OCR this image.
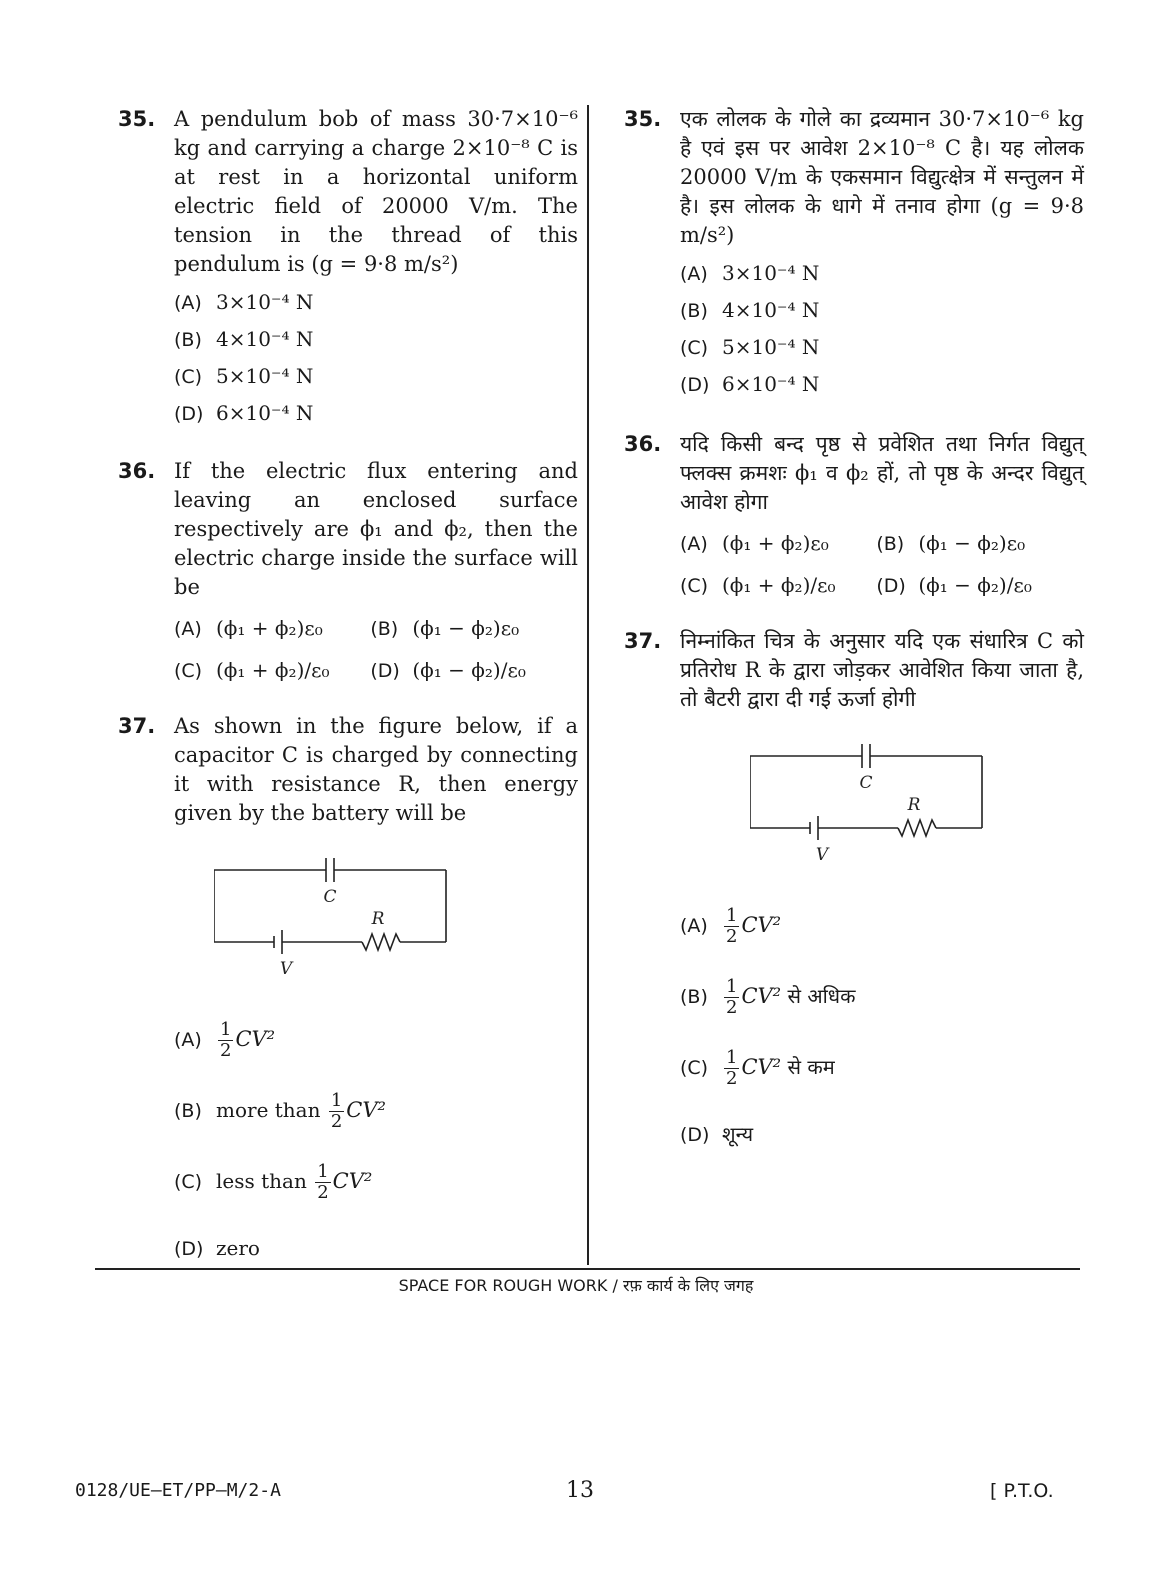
35. A pendulum bob of mass 30·7×10⁻⁶ kg and carrying a charge 2×10⁻⁸ C is at rest in a horizontal uniform electric field of 20000 V/m. The tension in the thread of this pendulum is (g = 9·8 m/s²)
(A) 3×10⁻⁴ N
(B) 4×10⁻⁴ N
(C) 5×10⁻⁴ N
(D) 6×10⁻⁴ N
36. If the electric flux entering and leaving an enclosed surface respectively are ϕ₁ and ϕ₂, then the electric charge inside the surface will be
(A) (ϕ₁ + ϕ₂)ε₀	(B) (ϕ₁ − ϕ₂)ε₀
(C) (ϕ₁ + ϕ₂)/ε₀ (D) (ϕ₁ − ϕ₂)/ε₀
37. As shown in the figure below, if a capacitor C is charged by connecting it with resistance R, then energy given by the battery will be
C
R
V
$(A) \frac{1}{2} CV^2$
(B) more than $\frac{1}{2} CV^2$
(C) less than $\frac{1}{2} CV^2$
(D) zero
35. एक लोलक के गोले का द्रव्यमान 30·7×10⁻⁶ kg है एवं इस पर आवेश 2×10⁻⁸ C है। यह लोलक 20000 V/m के एकसमान विद्युत्क्षेत्र में सन्तुलन में है। इस लोलक के धागे में तनाव होगा (g = 9·8 m/s²)
(A) 3×10⁻⁴ N
(B) 4×10⁻⁴ N
(C) 5×10⁻⁴ N
(D) 6×10⁻⁴ N
36. यदि किसी बन्द पृष्ठ से प्रवेशित तथा निर्गत विद्युत् फ्लक्स क्रमशः ϕ₁ व ϕ₂ हों, तो पृष्ठ के अन्दर विद्युत् आवेश होगा
(A) (ϕ₁ + ϕ₂)ε₀	(B) (ϕ₁ − ϕ₂)ε₀
(C) (ϕ₁ + ϕ₂)/ε₀ (D) (ϕ₁ − ϕ₂)/ε₀
37. निम्नांकित चित्र के अनुसार यदि एक संधारित्र C को प्रतिरोध R के द्वारा जोड़कर आवेशित किया जाता है, तो बैटरी द्वारा दी गई ऊर्जा होगी
C
R
V
$(A) \frac{1}{2} CV^2$
$(B) \frac{1}{2} CV^2$ से अधिक
$(C) \frac{1}{2} CV^2$ से कम
(D) शून्य
SPACE FOR ROUGH WORK / रफ़ कार्य के लिए जगह
0128/UE–ET/PP–M/2-A	13	[ P.T.O.
